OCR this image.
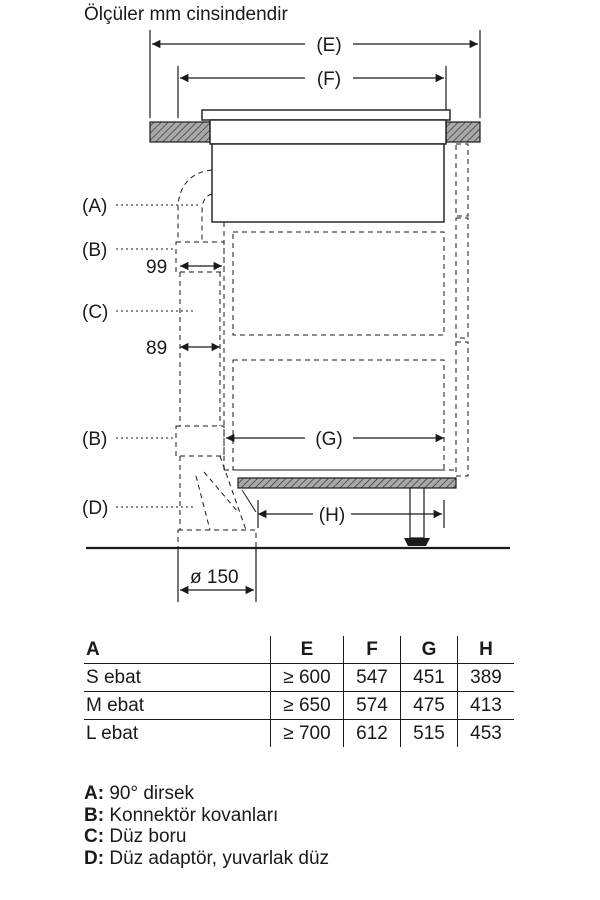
Ölçüler mm cinsindendir
(E)
(F)
(A)
(B)
99
(C)
89
(B)	(G)
(D)	(H)
ø 150
A	E	F	G	H
S ebat	≥ 600	547	451	389
M ebat	≥ 650	574	475	413
L ebat	≥ 700	612	515	453
A: 90° dirsek
B: Konnektör kovanları
C: Düz boru
D: Düz adaptör, yuvarlak düz
